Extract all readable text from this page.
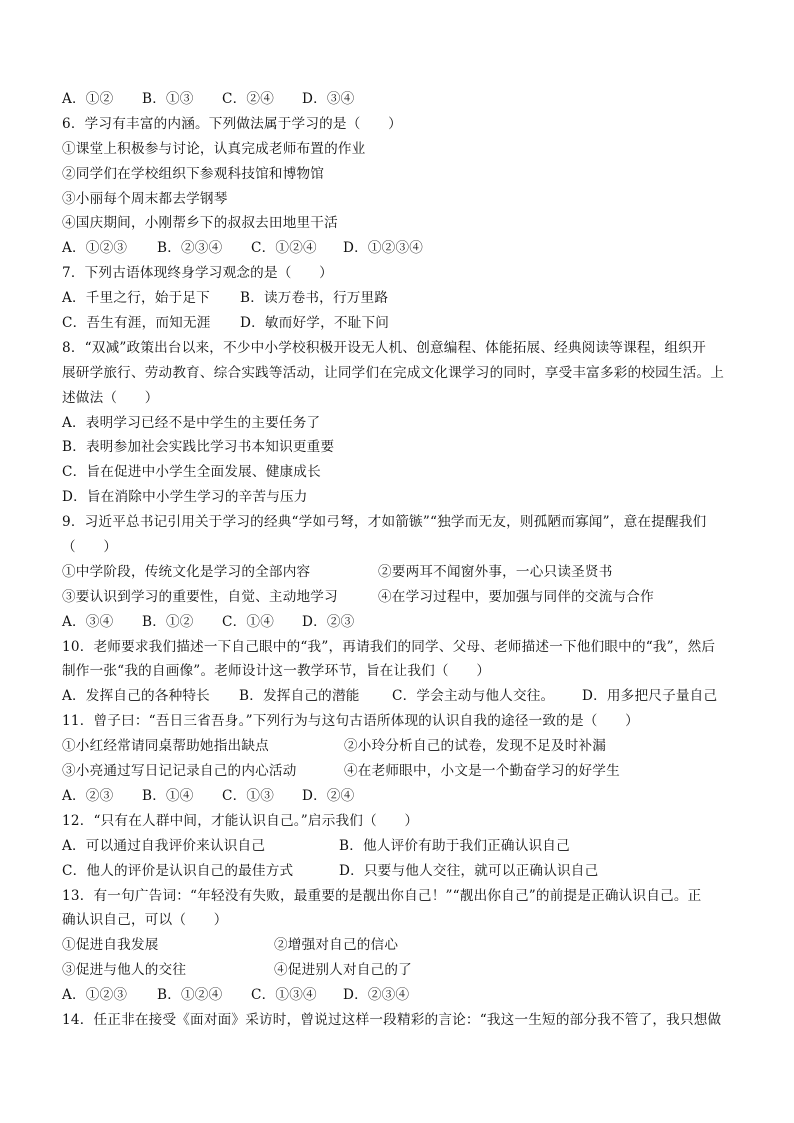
A．①② B．①③ C．②④ D．③④
6．学习有丰富的内涵。下列做法属于学习的是（　　）
①课堂上积极参与讨论，认真完成老师布置的作业
②同学们在学校组织下参观科技馆和博物馆
③小丽每个周末都去学钢琴
④国庆期间，小刚帮乡下的叔叔去田地里干活
A．①②③ B．②③④ C．①②④ D．①②③④
7．下列古语体现终身学习观念的是（　　）
A．千里之行，始于足下 B．读万卷书，行万里路
C．吾生有涯，而知无涯 D．敏而好学，不耻下问
8．“双减”政策出台以来，不少中小学校积极开设无人机、创意编程、体能拓展、经典阅读等课程，组织开
展研学旅行、劳动教育、综合实践等活动，让同学们在完成文化课学习的同时，享受丰富多彩的校园生活。上
述做法（　　）
A．表明学习已经不是中学生的主要任务了
B．表明参加社会实践比学习书本知识更重要
C．旨在促进中小学生全面发展、健康成长
D．旨在消除中小学生学习的辛苦与压力
9．习近平总书记引用关于学习的经典“学如弓弩，才如箭镞”“独学而无友，则孤陋而寡闻”，意在提醒我们
（　　）
①中学阶段，传统文化是学习的全部内容	②要两耳不闻窗外事，一心只读圣贤书
③要认识到学习的重要性，自觉、主动地学习	④在学习过程中，要加强与同伴的交流与合作
A．③④ B．①② C．①④ D．②③
10．老师要求我们描述一下自己眼中的“我”，再请我们的同学、父母、老师描述一下他们眼中的“我”，然后
制作一张“我的自画像”。老师设计这一教学环节，旨在让我们（　　）
A．发挥自己的各种特长 B．发挥自己的潜能 C．学会主动与他人交往。 D．用多把尺子量自己
11．曾子曰：“吾日三省吾身。”下列行为与这句古语所体现的认识自我的途径一致的是（　　）
①小红经常请同桌帮助她指出缺点	②小玲分析自己的试卷，发现不足及时补漏
③小亮通过写日记记录自己的内心活动	④在老师眼中，小文是一个勤奋学习的好学生
A．②③ B．①④ C．①③ D．②④
12．“只有在人群中间，才能认识自己。”启示我们（　　）
A．可以通过自我评价来认识自己	B．他人评价有助于我们正确认识自己
C．他人的评价是认识自己的最佳方式	D．只要与他人交往，就可以正确认识自己
13．有一句广告词：“年轻没有失败，最重要的是靓出你自己！”“靓出你自己”的前提是正确认识自己。正
确认识自己，可以（　　）
①促进自我发展	②增强对自己的信心
③促进与他人的交往	④促进别人对自己的了
A．①②③ B．①②④ C．①③④ D．②③④
14．任正非在接受《面对面》采访时，曾说过这样一段精彩的言论：“我这一生短的部分我不管了，我只想做
